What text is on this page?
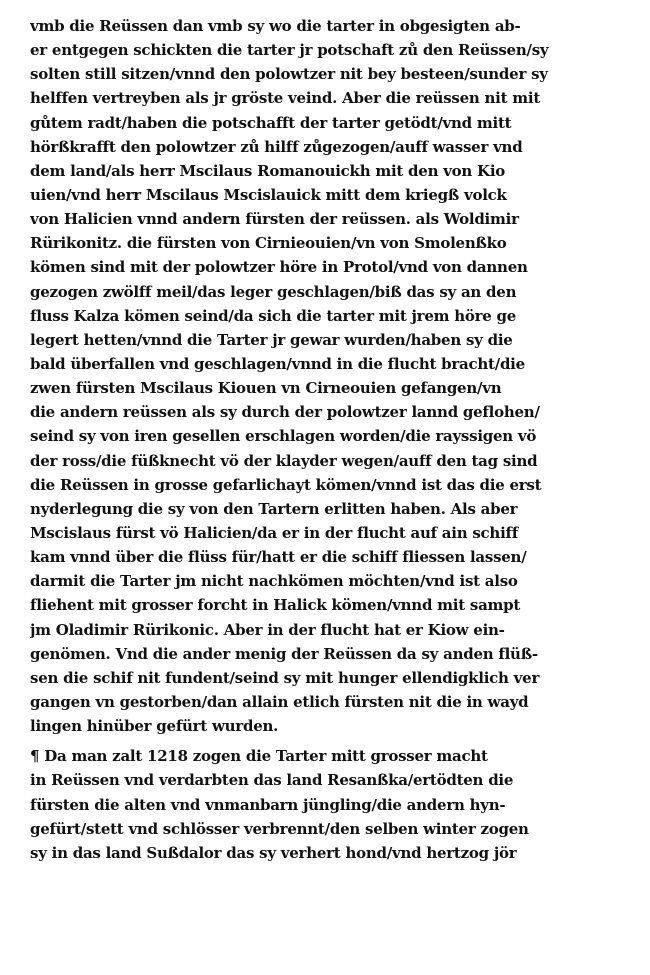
vmb die Reüssen dan vmb sy wo die tarter in obgesigten ab-
er entgegen schickten die tarter jr potschaft zů den Reüssen/sy
solten still sitzen/vnnd den polowtzer nit bey besteen/sunder sy
helffen vertreyben als jr gröste veind. Aber die reüssen nit mit
gůtem radt/haben die potschafft der tarter getödt/vnd mitt
hörßkrafft den polowtzer zů hilff zůgezogen/auff wasser vnd
dem land/als herr Mscilaus Romanouickh mit den von Kio
uien/vnd herr Mscilaus Mscislauick mitt dem kriegß volck
von Halicien vnnd andern fürsten der reüssen. als Woldimir
Rürikonitz. die fürsten von Cirnieouien/vn von Smolenßko
kömen sind mit der polowtzer höre in Protol/vnd von dannen
gezogen zwölff meil/das leger geschlagen/biß das sy an den
fluss Kalza kömen seind/da sich die tarter mit jrem höre ge
legert hetten/vnnd die Tarter jr gewar wurden/haben sy die
bald überfallen vnd geschlagen/vnnd in die flucht bracht/die
zwen fürsten Mscilaus Kiouen vn Cirneouien gefangen/vn
die andern reüssen als sy durch der polowtzer lannd geflohen/
seind sy von iren gesellen erschlagen worden/die rayssigen vö
der ross/die füßknecht vö der klayder wegen/auff den tag sind
die Reüssen in grosse gefarlichayt kömen/vnnd ist das die erst
nyderlegung die sy von den Tartern erlitten haben. Als aber
Mscislaus fürst vö Halicien/da er in der flucht auf ain schiff
kam vnnd über die flüss für/hatt er die schiff fliessen lassen/
darmit die Tarter jm nicht nachkömen möchten/vnd ist also
fliehent mit grosser forcht in Halick kömen/vnnd mit sampt
jm Oladimir Rürikonic. Aber in der flucht hat er Kiow ein-
genömen. Vnd die ander menig der Reüssen da sy anden flüß-
sen die schif nit fundent/seind sy mit hunger ellendigklich ver
gangen vn gestorben/dan allain etlich fürsten nit die in wayd
lingen hinüber gefürt wurden.
¶ Da man zalt 1218 zogen die Tarter mitt grosser macht
in Reüssen vnd verdarbten das land Resanßka/ertödten die
fürsten die alten vnd vnmanbarn jüngling/die andern hyn-
gefürt/stett vnd schlösser verbrennt/den selben winter zogen
sy in das land Sußdalor das sy verhert hond/vnd hertzog jör
